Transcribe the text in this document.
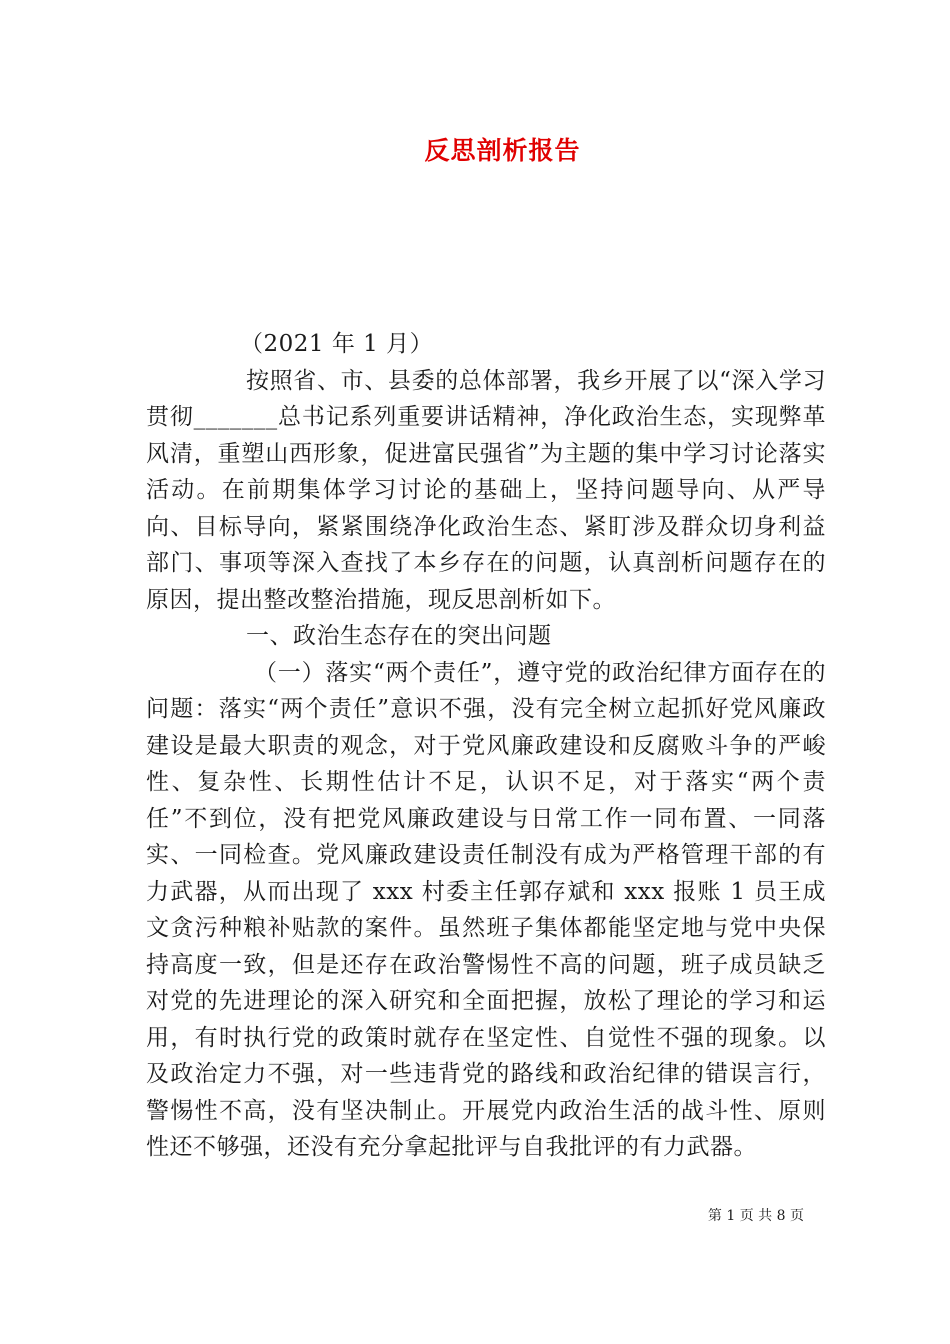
反思剖析报告

（2021 年 1 月）

按照省、市、县委的总体部署，我乡开展了以“深入学习贯彻_______总书记系列重要讲话精神，净化政治生态，实现弊革风清，重塑山西形象，促进富民强省”为主题的集中学习讨论落实活动。在前期集体学习讨论的基础上，坚持问题导向、从严导向、目标导向，紧紧围绕净化政治生态、紧盯涉及群众切身利益部门、事项等深入查找了本乡存在的问题，认真剖析问题存在的原因，提出整改整治措施，现反思剖析如下。

一、政治生态存在的突出问题

（一）落实“两个责任”，遵守党的政治纪律方面存在的问题：落实“两个责任”意识不强，没有完全树立起抓好党风廉政建设是最大职责的观念，对于党风廉政建设和反腐败斗争的严峻性、复杂性、长期性估计不足，认识不足，对于落实“两个责任”不到位，没有把党风廉政建设与日常工作一同布置、一同落实、一同检查。党风廉政建设责任制没有成为严格管理干部的有力武器，从而出现了 xxx 村委主任郭存斌和 xxx 报账 1 员王成文贪污种粮补贴款的案件。虽然班子集体都能坚定地与党中央保持高度一致，但是还存在政治警惕性不高的问题，班子成员缺乏对党的先进理论的深入研究和全面把握，放松了理论的学习和运用，有时执行党的政策时就存在坚定性、自觉性不强的现象。以及政治定力不强，对一些违背党的路线和政治纪律的错误言行，警惕性不高，没有坚决制止。开展党内政治生活的战斗性、原则性还不够强，还没有充分拿起批评与自我批评的有力武器。

第 1 页 共 8 页
